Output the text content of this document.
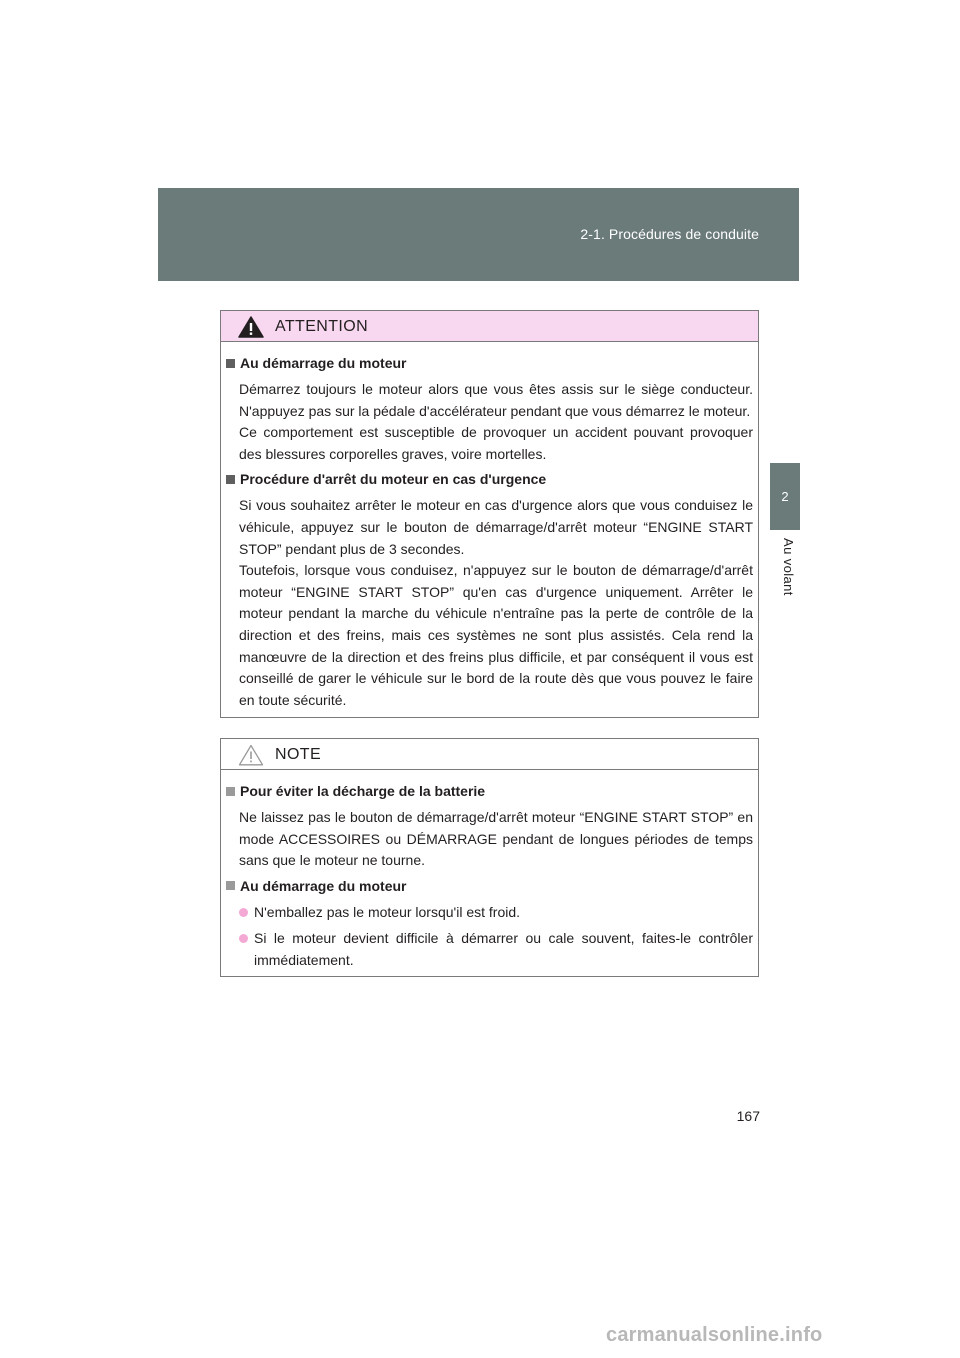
2-1. Procédures de conduite
2
Au volant
ATTENTION
Au démarrage du moteur

Démarrez toujours le moteur alors que vous êtes assis sur le siège conducteur. N'appuyez pas sur la pédale d'accélérateur pendant que vous démarrez le moteur.

Ce comportement est susceptible de provoquer un accident pouvant provoquer des blessures corporelles graves, voire mortelles.

Procédure d'arrêt du moteur en cas d'urgence

Si vous souhaitez arrêter le moteur en cas d'urgence alors que vous conduisez le véhicule, appuyez sur le bouton de démarrage/d'arrêt moteur “ENGINE START STOP” pendant plus de 3 secondes.

Toutefois, lorsque vous conduisez, n'appuyez sur le bouton de démarrage/d'arrêt moteur “ENGINE START STOP” qu'en cas d'urgence uniquement. Arrêter le moteur pendant la marche du véhicule n'entraîne pas la perte de contrôle de la direction et des freins, mais ces systèmes ne sont plus assistés. Cela rend la manœuvre de la direction et des freins plus difficile, et par conséquent il vous est conseillé de garer le véhicule sur le bord de la route dès que vous pouvez le faire en toute sécurité.

NOTE
Pour éviter la décharge de la batterie

Ne laissez pas le bouton de démarrage/d'arrêt moteur “ENGINE START STOP” en mode ACCESSOIRES ou DÉMARRAGE pendant de longues périodes de temps sans que le moteur ne tourne.

Au démarrage du moteur
N'emballez pas le moteur lorsqu'il est froid.
Si le moteur devient difficile à démarrer ou cale souvent, faites-le contrôler immédiatement.
167
carmanualsonline.info
